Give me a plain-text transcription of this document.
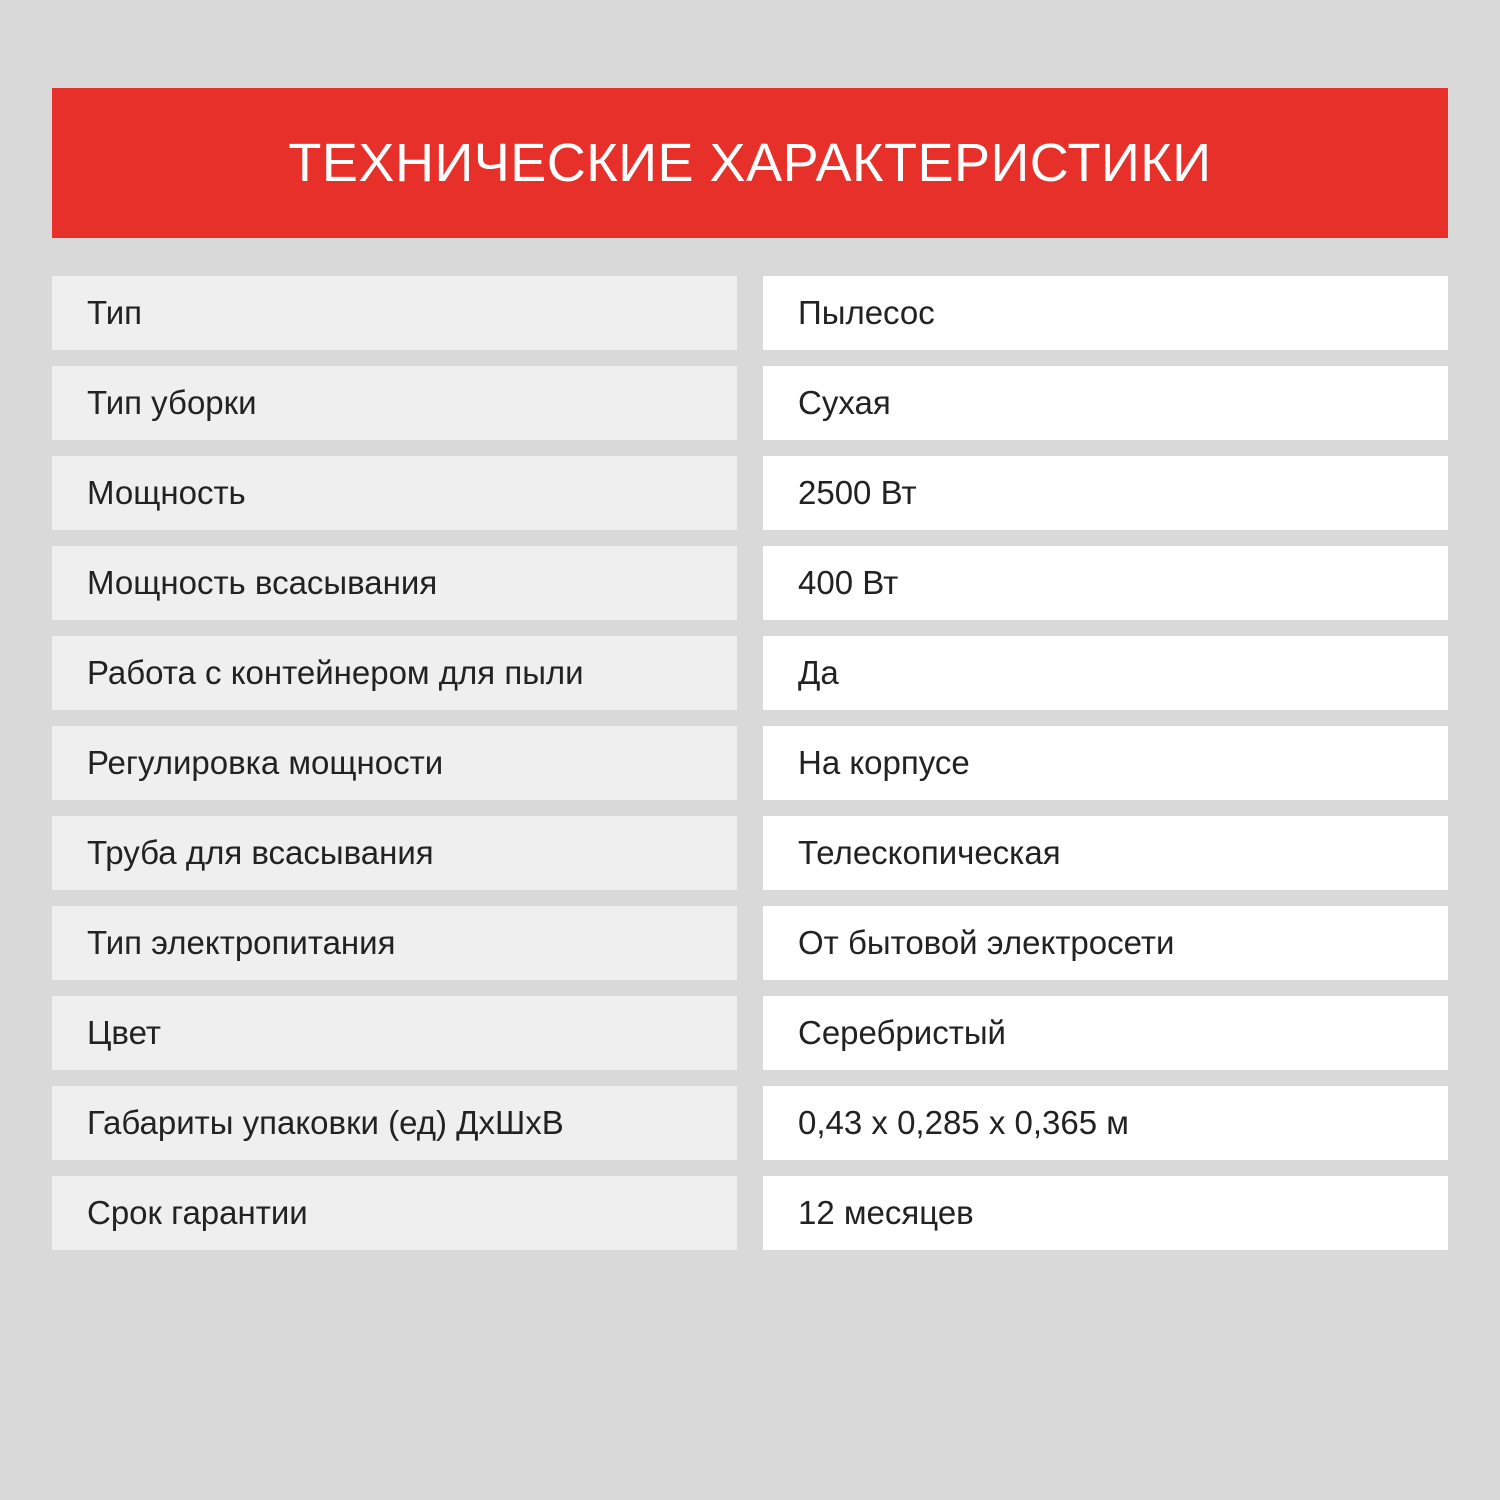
ТЕХНИЧЕСКИЕ ХАРАКТЕРИСТИКИ
Тип	Пылесос
Тип уборки	Сухая
Мощность	2500 Вт
Мощность всасывания	400 Вт
Работа с контейнером для пыли	Да
Регулировка мощности	На корпусе
Труба для всасывания	Телескопическая
Тип электропитания	От бытовой электросети
Цвет	Серебристый
Габариты упаковки (ед) ДхШхВ	0,43 х 0,285 х 0,365 м
Срок гарантии	12 месяцев
